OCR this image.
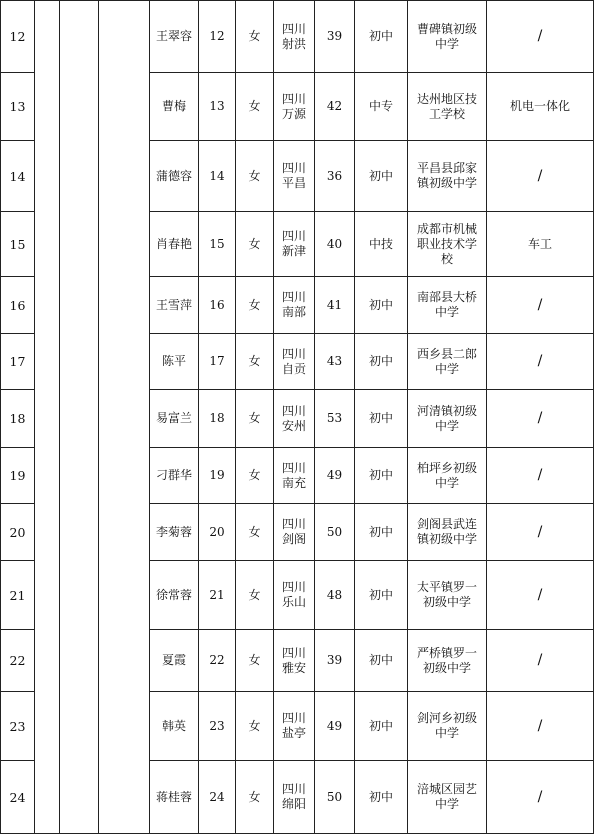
12				王翠容	12	女	四川射洪	39	初中	曹碑镇初级中学	/
13				曹梅	13	女	四川万源	42	中专	达州地区技工学校	机电一体化
14				蒲德容	14	女	四川平昌	36	初中	平昌县邱家镇初级中学	/
15				肖春艳	15	女	四川新津	40	中技	成都市机械职业技术学校	车工
16				王雪萍	16	女	四川南部	41	初中	南部县大桥中学	/
17				陈平	17	女	四川自贡	43	初中	西乡县二郎中学	/
18				易富兰	18	女	四川安州	53	初中	河清镇初级中学	/
19				刁群华	19	女	四川南充	49	初中	柏坪乡初级中学	/
20				李菊蓉	20	女	四川剑阁	50	初中	剑阁县武连镇初级中学	/
21				徐常蓉	21	女	四川乐山	48	初中	太平镇罗一初级中学	/
22				夏霞	22	女	四川雅安	39	初中	严桥镇罗一初级中学	/
23				韩英	23	女	四川盐亭	49	初中	剑河乡初级中学	/
24				蒋桂蓉	24	女	四川绵阳	50	初中	涪城区园艺中学	/
